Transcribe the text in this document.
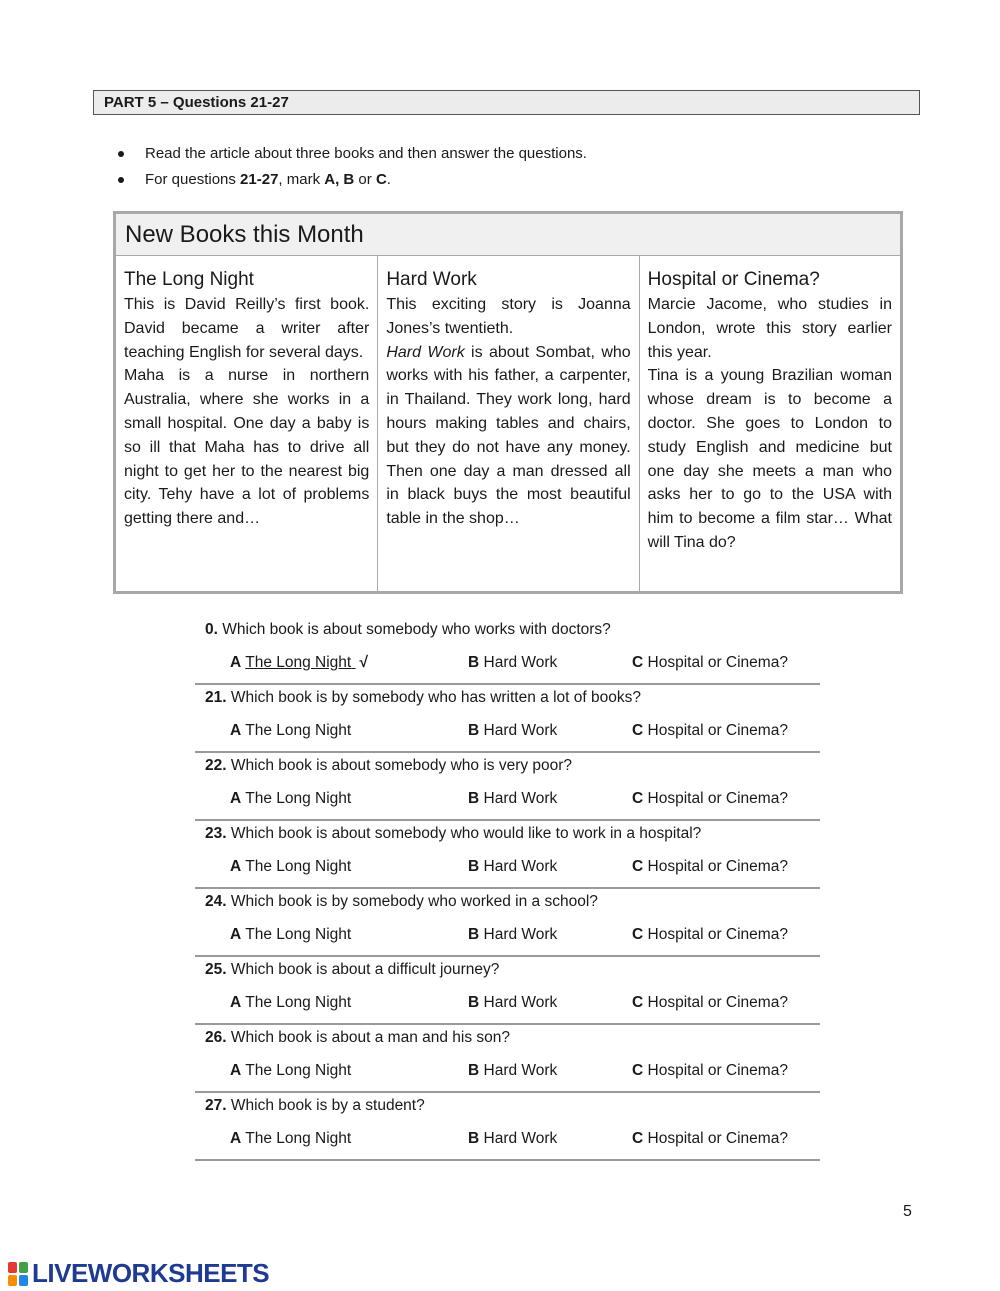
PART 5 – Questions 21-27
Read the article about three books and then answer the questions.
For questions 21-27, mark A, B or C.
New Books this Month
The Long Night

This is David Reilly’s first book. David became a writer after teaching English for several days.

Maha is a nurse in northern Australia, where she works in a small hospital. One day a baby is so ill that Maha has to drive all night to get her to the nearest big city. Tehy have a lot of problems getting there and…

Hard Work

This exciting story is Joanna Jones’s twentieth.

Hard Work is about Sombat, who works with his father, a carpenter, in Thailand. They work long, hard hours making tables and chairs, but they do not have any money. Then one day a man dressed all in black buys the most beautiful table in the shop…

Hospital or Cinema?

Marcie Jacome, who studies in London, wrote this story earlier this year.

Tina is a young Brazilian woman whose dream is to become a doctor. She goes to London to study English and medicine but one day she meets a man who asks her to go to the USA with him to become a film star… What will Tina do?

0. Which book is about somebody who works with doctors?
A The Long Night √	B Hard Work	C Hospital or Cinema?
21. Which book is by somebody who has written a lot of books?
A The Long Night	B Hard Work	C Hospital or Cinema?
22. Which book is about somebody who is very poor?
A The Long Night	B Hard Work	C Hospital or Cinema?
23. Which book is about somebody who would like to work in a hospital?
A The Long Night	B Hard Work	C Hospital or Cinema?
24. Which book is by somebody who worked in a school?
A The Long Night	B Hard Work	C Hospital or Cinema?
25. Which book is about a difficult journey?
A The Long Night	B Hard Work	C Hospital or Cinema?
26. Which book is about a man and his son?
A The Long Night	B Hard Work	C Hospital or Cinema?
27. Which book is by a student?
A The Long Night	B Hard Work	C Hospital or Cinema?
5
LIVEWORKSHEETS
